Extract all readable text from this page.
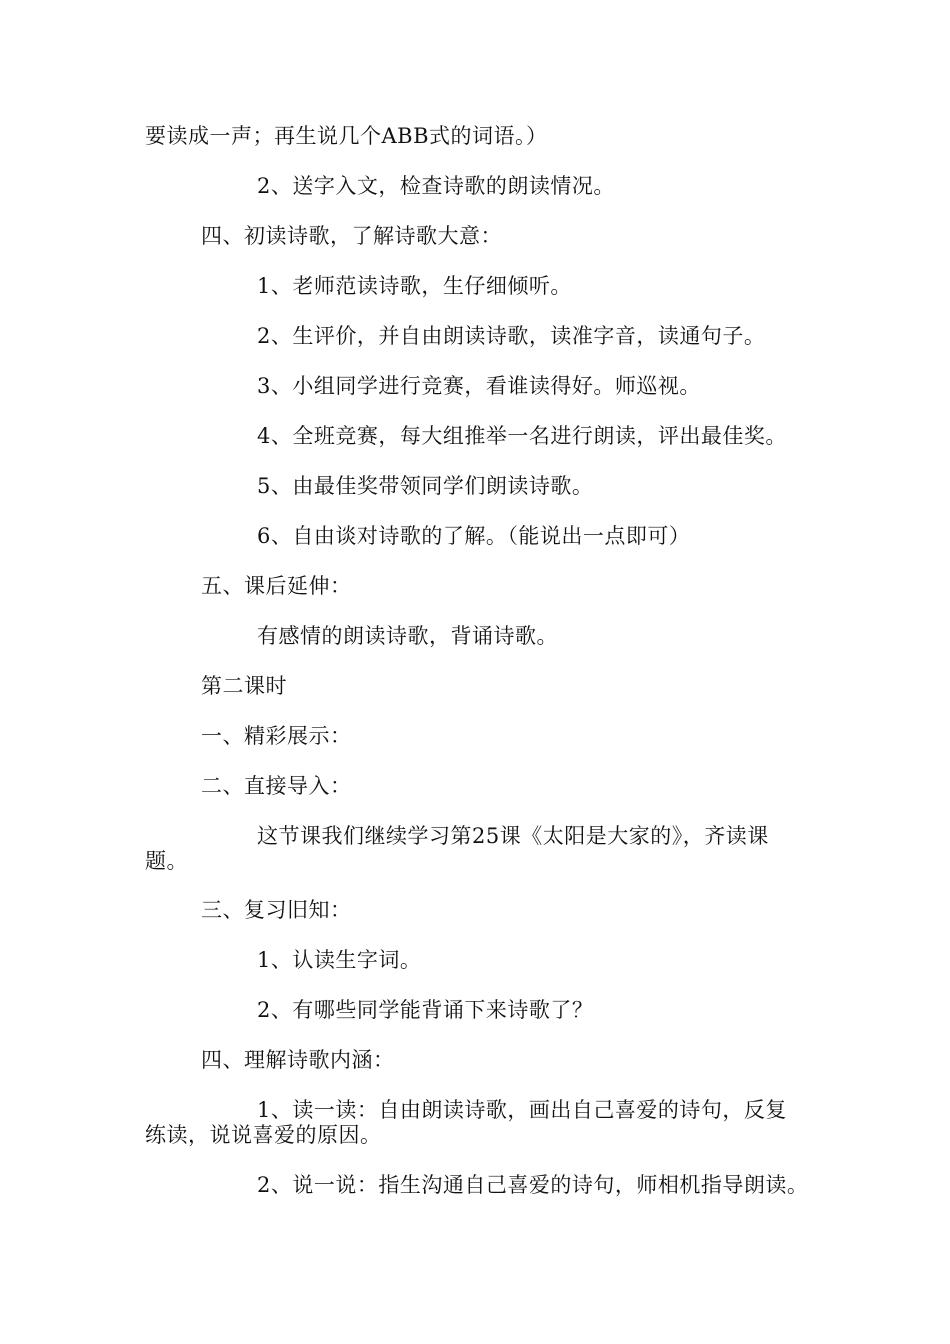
要读成一声；再生说几个ABB式的词语。）
2、送字入文，检查诗歌的朗读情况。
四、初读诗歌，了解诗歌大意：
1、老师范读诗歌，生仔细倾听。
2、生评价，并自由朗读诗歌，读准字音，读通句子。
3、小组同学进行竞赛，看谁读得好。师巡视。
4、全班竞赛，每大组推举一名进行朗读，评出最佳奖。
5、由最佳奖带领同学们朗读诗歌。
6、自由谈对诗歌的了解。（能说出一点即可）
五、课后延伸：
有感情的朗读诗歌，背诵诗歌。
第二课时
一、精彩展示：
二、直接导入：
这节课我们继续学习第25课《太阳是大家的》，齐读课
题。
三、复习旧知：
1、认读生字词。
2、有哪些同学能背诵下来诗歌了？
四、理解诗歌内涵：
1、读一读：自由朗读诗歌，画出自己喜爱的诗句，反复
练读，说说喜爱的原因。
2、说一说：指生沟通自己喜爱的诗句，师相机指导朗读。
